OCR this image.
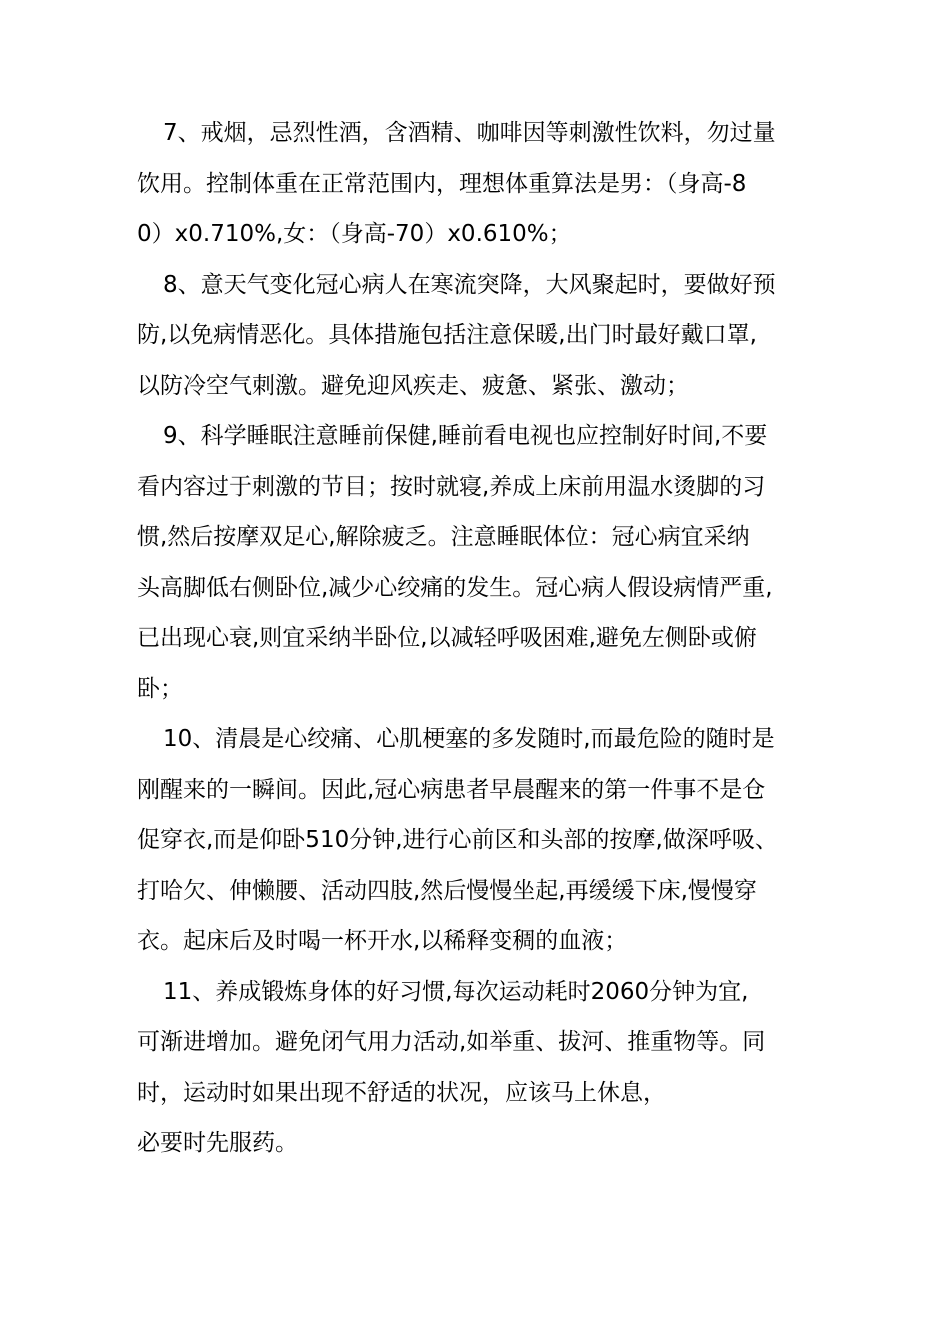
7、戒烟，忌烈性酒，含酒精、咖啡因等刺激性饮料，勿过量
饮用。控制体重在正常范围内，理想体重算法是男：（身高-8
0）x0.710%,女：（身高-70）x0.610%；
8、意天气变化冠心病人在寒流突降，大风聚起时，要做好预
防,以免病情恶化。具体措施包括注意保暖,出门时最好戴口罩,
以防冷空气刺激。避免迎风疾走、疲惫、紧张、激动；
9、科学睡眠注意睡前保健,睡前看电视也应控制好时间,不要
看内容过于刺激的节目；按时就寝,养成上床前用温水烫脚的习
惯,然后按摩双足心,解除疲乏。注意睡眠体位：冠心病宜采纳
头高脚低右侧卧位,减少心绞痛的发生。冠心病人假设病情严重,
已出现心衰,则宜采纳半卧位,以减轻呼吸困难,避免左侧卧或俯
卧；
10、清晨是心绞痛、心肌梗塞的多发随时,而最危险的随时是
刚醒来的一瞬间。因此,冠心病患者早晨醒来的第一件事不是仓
促穿衣,而是仰卧510分钟,进行心前区和头部的按摩,做深呼吸、
打哈欠、伸懒腰、活动四肢,然后慢慢坐起,再缓缓下床,慢慢穿
衣。起床后及时喝一杯开水,以稀释变稠的血液；
11、养成锻炼身体的好习惯,每次运动耗时2060分钟为宜,
可渐进增加。避免闭气用力活动,如举重、拔河、推重物等。同
时，运动时如果出现不舒适的状况，应该马上休息，
必要时先服药。
